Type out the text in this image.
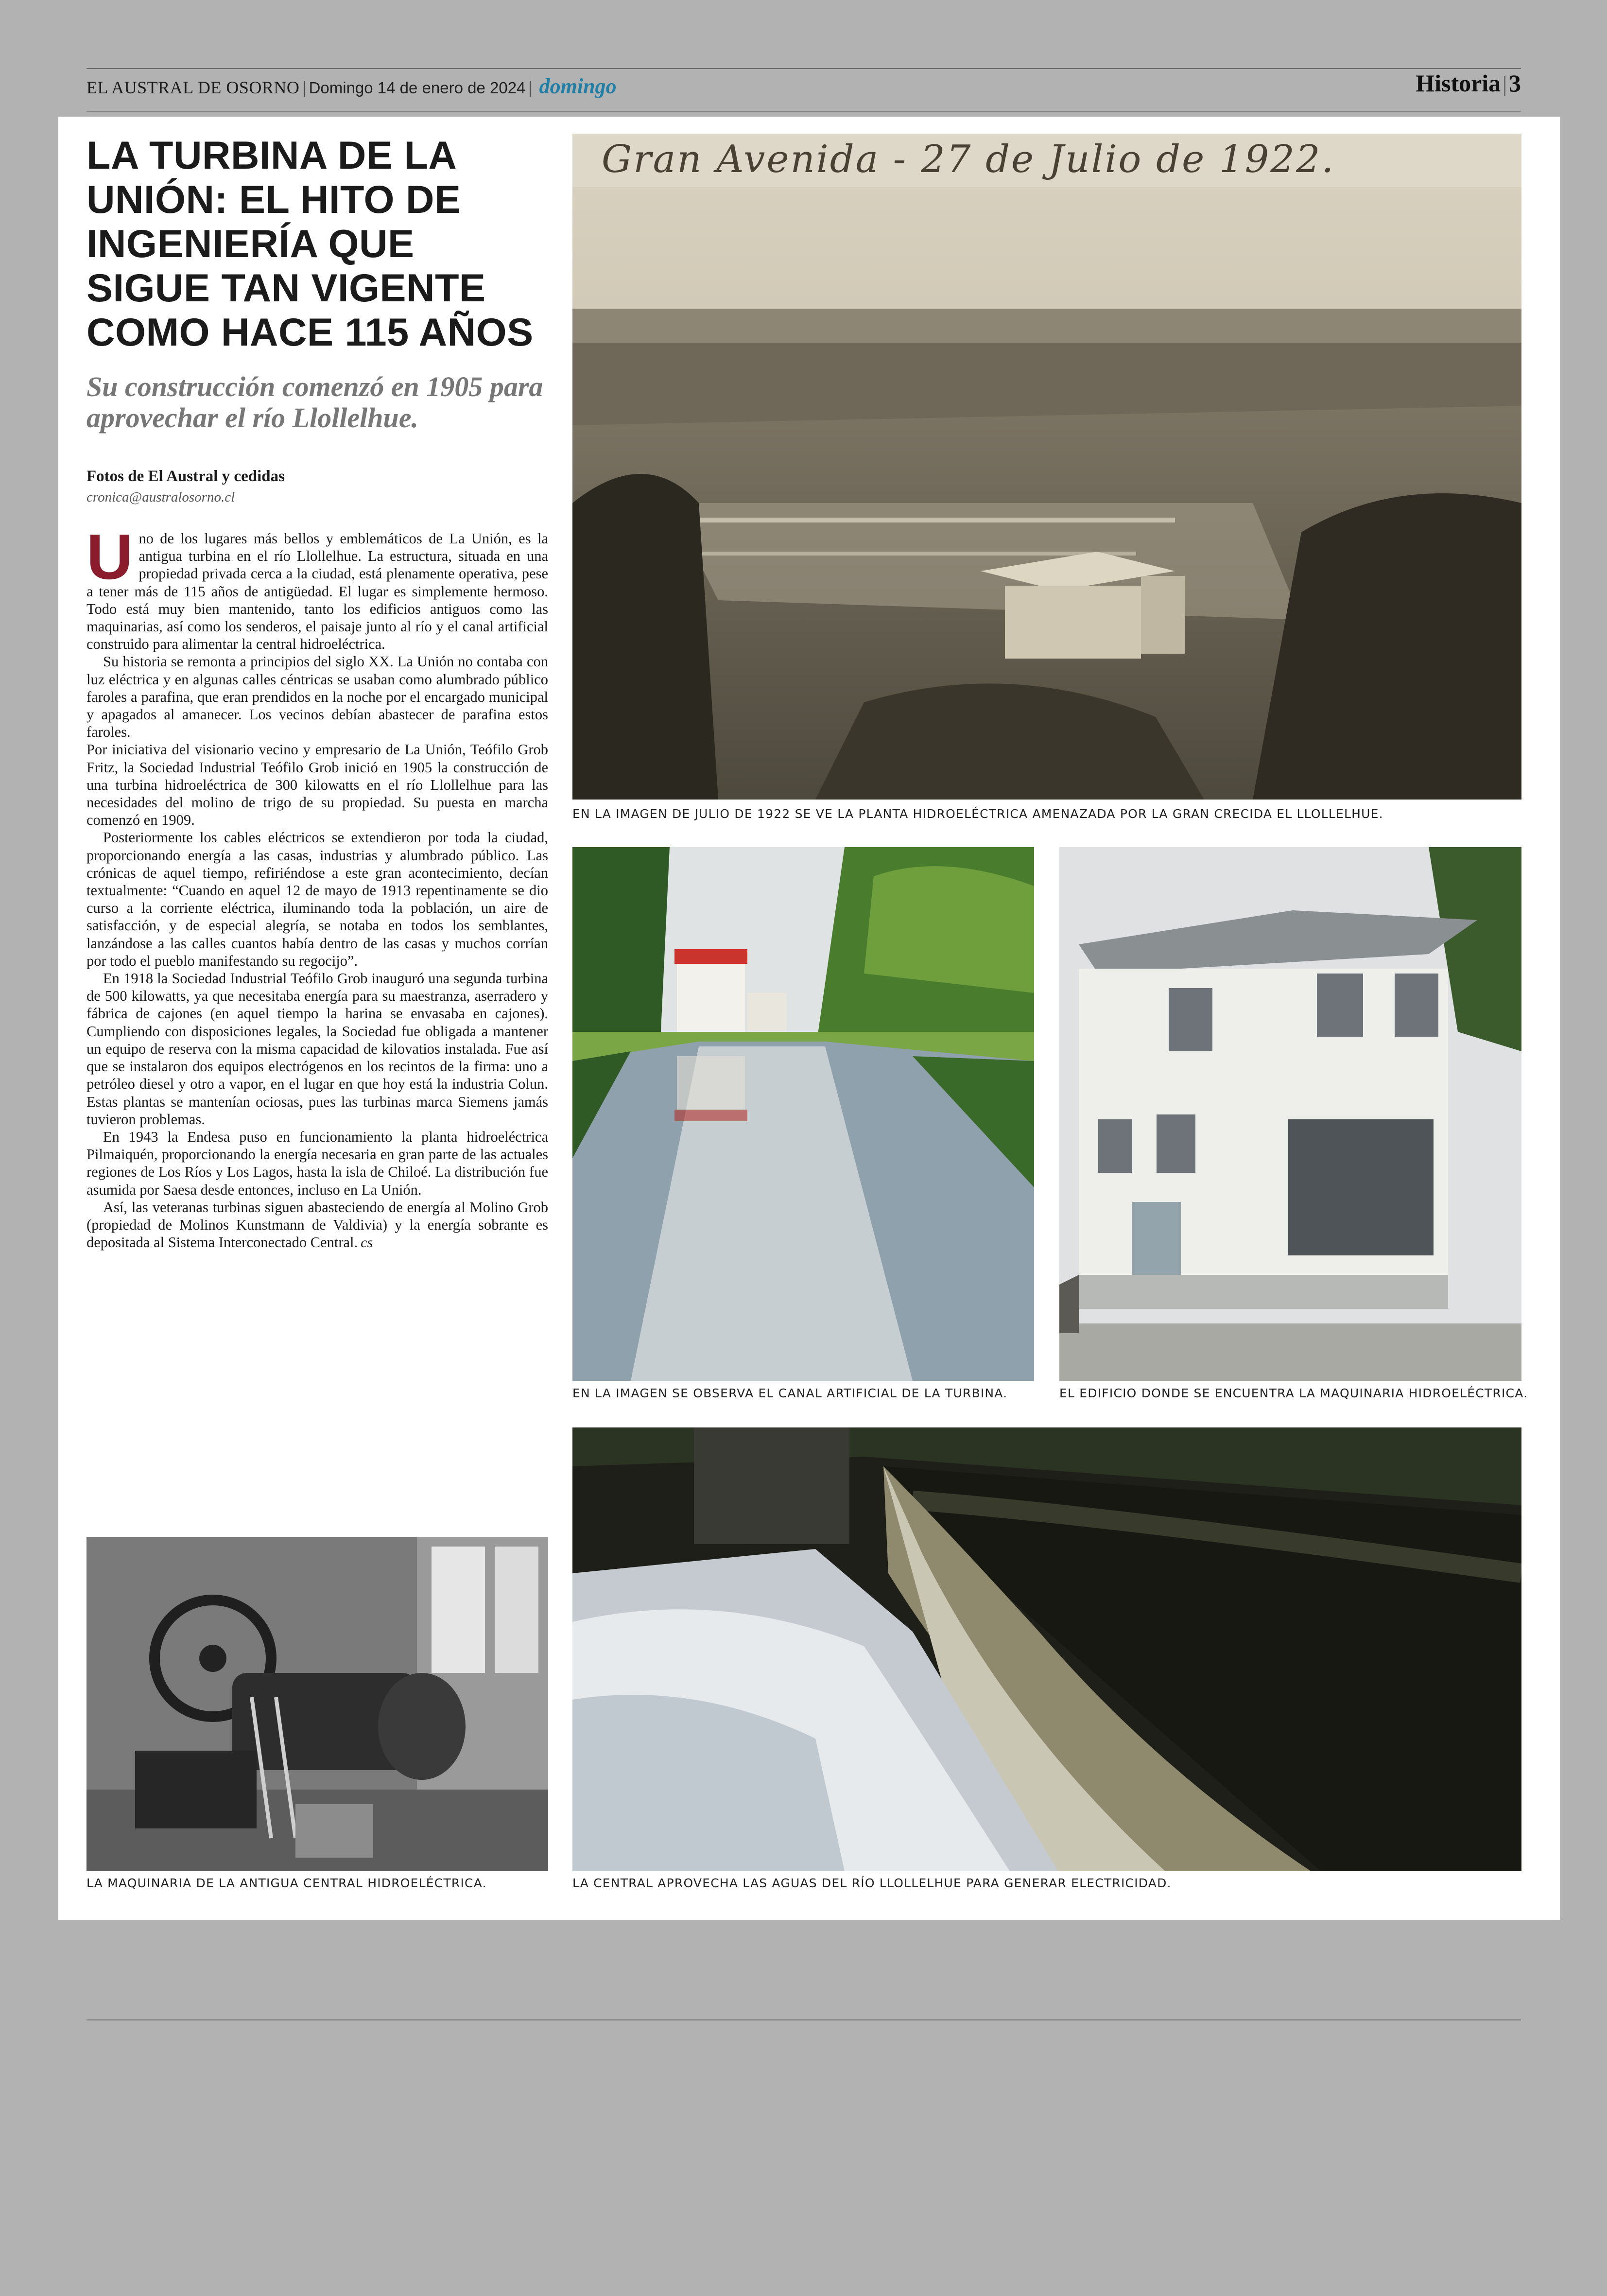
EL AUSTRAL DE OSORNO | Domingo 14 de enero de 2024 | domingo	Historia|3
LA TURBINA DE LA UNIÓN: EL HITO DE INGENIERÍA QUE SIGUE TAN VIGENTE COMO HACE 115 AÑOS
Su construcción comenzó en 1905 para aprovechar el río Llollelhue.
Fotos de El Austral y cedidas
cronica@australosorno.cl

Uno de los lugares más bellos y emblemáticos de La Unión, es la antigua turbina en el río Llollelhue. La estructura, situada en una propiedad privada cerca a la ciudad, está plenamente operativa, pese a tener más de 115 años de antigüedad. El lugar es simplemente hermoso. Todo está muy bien mantenido, tanto los edificios antiguos como las maquinarias, así como los senderos, el paisaje junto al río y el canal artificial construido para alimentar la central hidroeléctrica.

Su historia se remonta a principios del siglo XX. La Unión no contaba con luz eléctrica y en algunas calles céntricas se usaban como alumbrado público faroles a parafina, que eran prendidos en la noche por el encargado municipal y apagados al amanecer. Los vecinos debían abastecer de parafina estos faroles.

Por iniciativa del visionario vecino y empresario de La Unión, Teófilo Grob Fritz, la Sociedad Industrial Teófilo Grob inició en 1905 la construcción de una turbina hidroeléctrica de 300 kilowatts en el río Llollelhue para las necesidades del molino de trigo de su propiedad. Su puesta en marcha comenzó en 1909.

Posteriormente los cables eléctricos se extendieron por toda la ciudad, proporcionando energía a las casas, industrias y alumbrado público. Las crónicas de aquel tiempo, refiriéndose a este gran acontecimiento, decían textualmente: “Cuando en aquel 12 de mayo de 1913 repentinamente se dio curso a la corriente eléctrica, iluminando toda la población, un aire de satisfacción, y de especial alegría, se notaba en todos los semblantes, lanzándose a las calles cuantos había dentro de las casas y muchos corrían por todo el pueblo manifestando su regocijo”.

En 1918 la Sociedad Industrial Teófilo Grob inauguró una segunda turbina de 500 kilowatts, ya que necesitaba energía para su maestranza, aserradero y fábrica de cajones (en aquel tiempo la harina se envasaba en cajones). Cumpliendo con disposiciones legales, la Sociedad fue obligada a mantener un equipo de reserva con la misma capacidad de kilovatios instalada. Fue así que se instalaron dos equipos electrógenos en los recintos de la firma: uno a petróleo diesel y otro a vapor, en el lugar en que hoy está la industria Colun. Estas plantas se mantenían ociosas, pues las turbinas marca Siemens jamás tuvieron problemas.

En 1943 la Endesa puso en funcionamiento la planta hidroeléctrica Pilmaiquén, proporcionando la energía necesaria en gran parte de las actuales regiones de Los Ríos y Los Lagos, hasta la isla de Chiloé. La distribución fue asumida por Saesa desde entonces, incluso en La Unión.

Así, las veteranas turbinas siguen abasteciendo de energía al Molino Grob (propiedad de Molinos Kunstmann de Valdivia) y la energía sobrante es depositada al Sistema Interconectado Central. cs

Gran Avenida - 27 de Julio de 1922.
EN LA IMAGEN DE JULIO DE 1922 SE VE LA PLANTA HIDROELÉCTRICA AMENAZADA POR LA GRAN CRECIDA EL LLOLLELHUE.
EN LA IMAGEN SE OBSERVA EL CANAL ARTIFICIAL DE LA TURBINA.	EL EDIFICIO DONDE SE ENCUENTRA LA MAQUINARIA HIDROELÉCTRICA.
LA MAQUINARIA DE LA ANTIGUA CENTRAL HIDROELÉCTRICA.	LA CENTRAL APROVECHA LAS AGUAS DEL RÍO LLOLLELHUE PARA GENERAR ELECTRICIDAD.
